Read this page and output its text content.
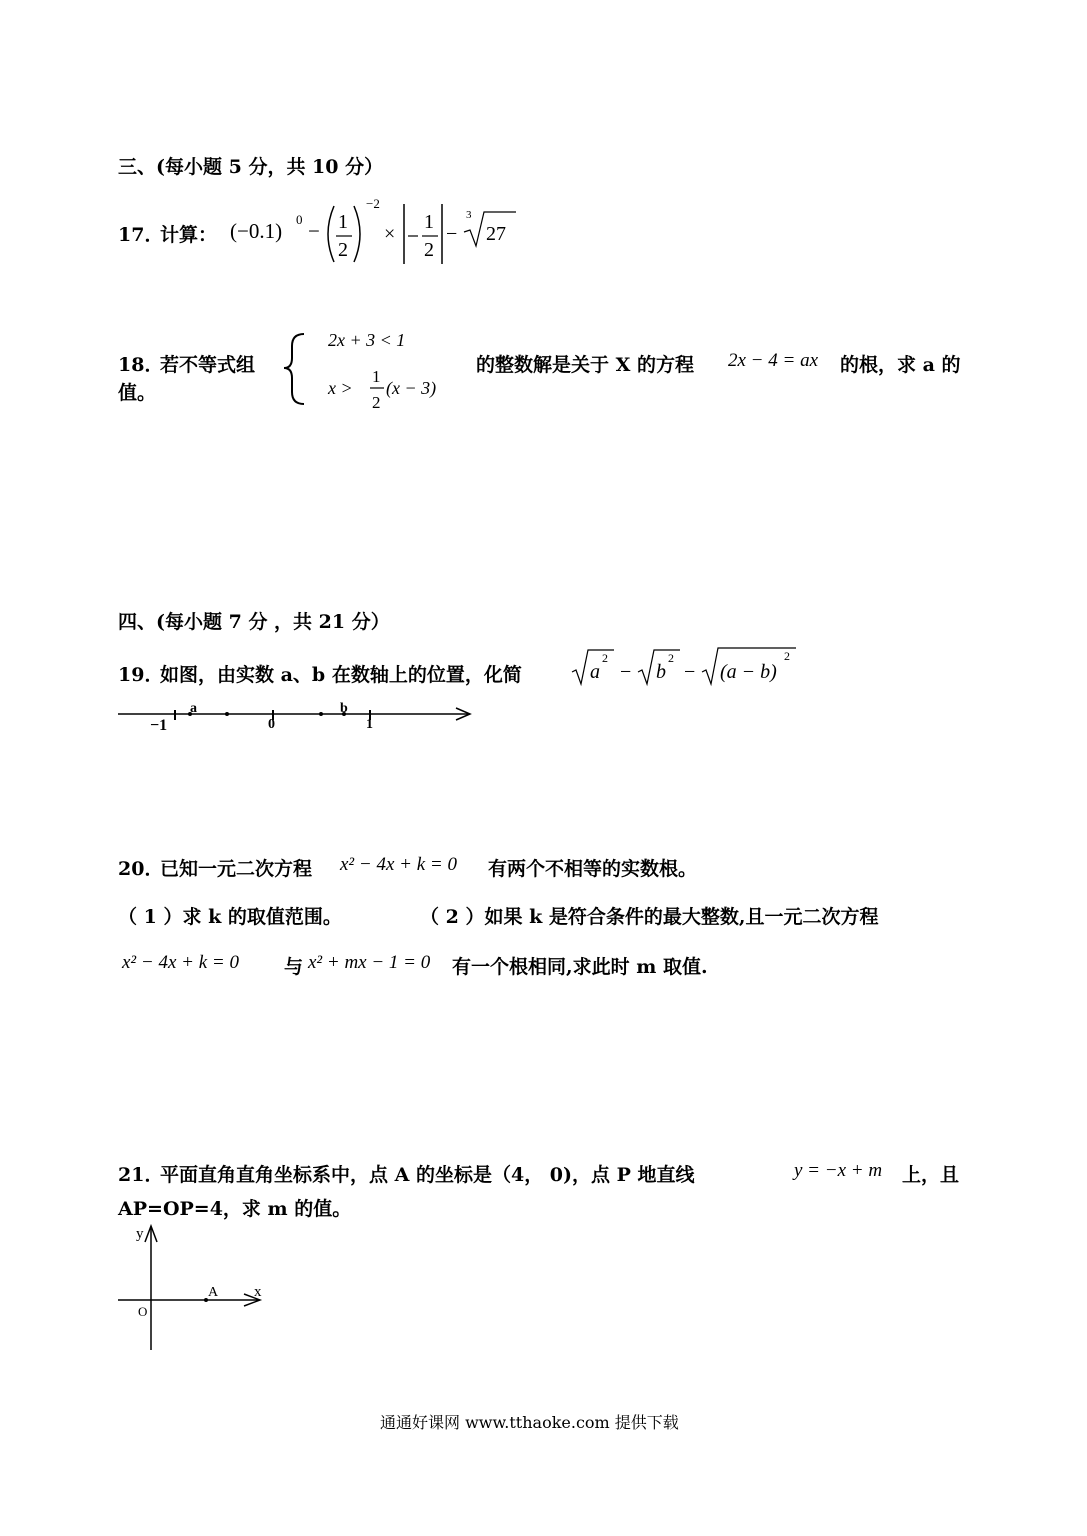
三、(每小题 5 分，共 10 分）
17．
计算： (−0.1) 0 − 1
2
−2
×
1
2
−
3
27
18．
若不等式组
值。
2x + 3 < 1
x >
1
2
(x − 3)
的整数解是关于 X 的方程 2x − 4 = ax 的根，求 a 的
四、(每小题 7 分 ，共 21 分）
19．
如图，由实数 a、b 在数轴上的位置，化简	a
2
− b
2
− (a − b)
2
−1
a
0
b
1
20．
已知一元二次方程 x² − 4x + k = 0 有两个不相等的实数根。
（ 1 ）求 k 的取值范围。	（ 2 ）如果 k 是符合条件的最大整数,且一元二次方程
x² − 4x + k = 0 与 x² + mx − 1 = 0 有一个根相同,求此时 m 取值.
21．
平面直角直角坐标系中，点 A 的坐标是（4， 0)，点 P 地直线	y = −x + m 上，且
AP=OP=4，求 m 的值。
y
x
O
A
通通好课网 www.tthaoke.com 提供下载
